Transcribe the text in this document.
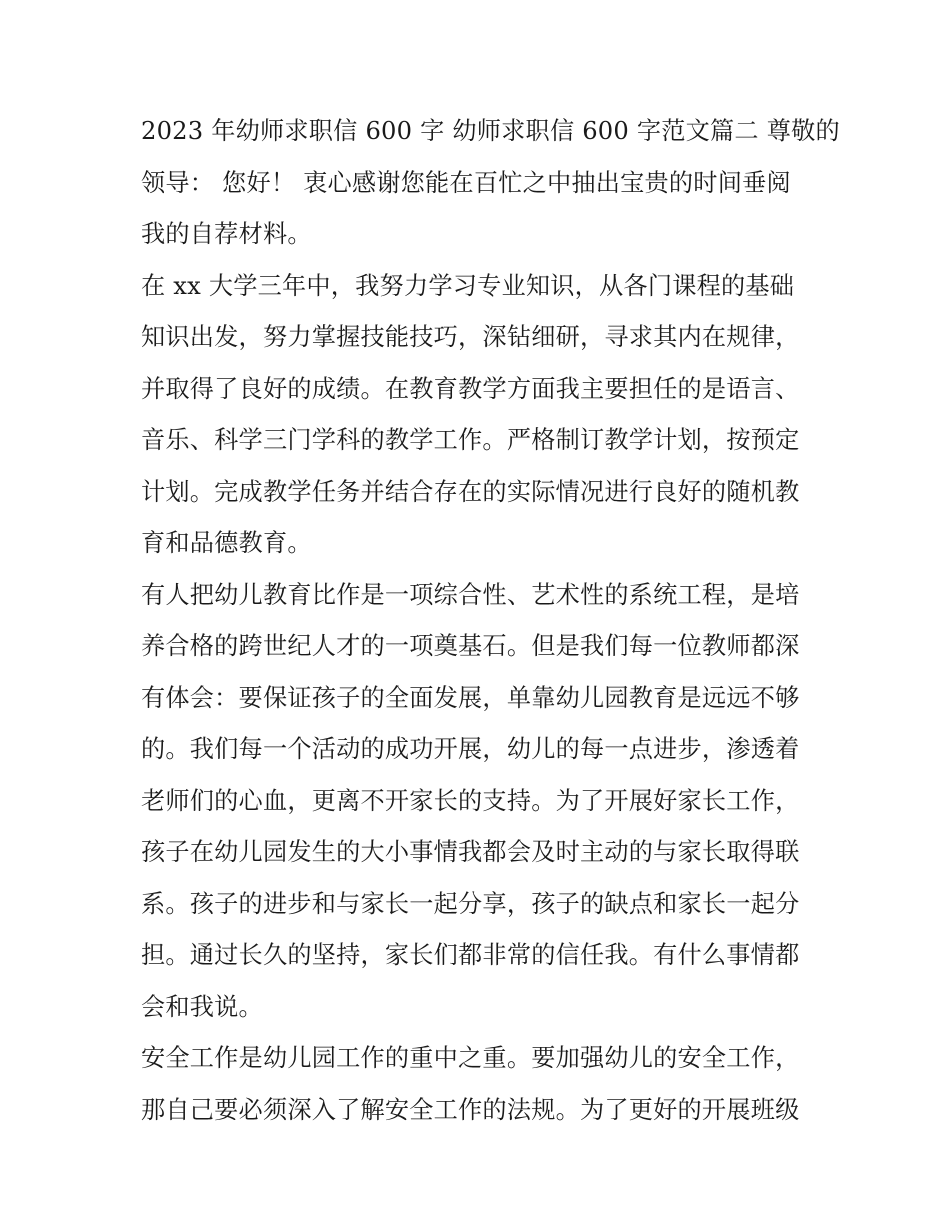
2023 年幼师求职信 600 字 幼师求职信 600 字范文篇二 尊敬的
领导： 您好！ 衷心感谢您能在百忙之中抽出宝贵的时间垂阅
我的自荐材料。

在 xx 大学三年中，我努力学习专业知识，从各门课程的基础
知识出发，努力掌握技能技巧，深钻细研，寻求其内在规律，
并取得了良好的成绩。在教育教学方面我主要担任的是语言、
音乐、科学三门学科的教学工作。严格制订教学计划，按预定
计划。完成教学任务并结合存在的实际情况进行良好的随机教
育和品德教育。

有人把幼儿教育比作是一项综合性、艺术性的系统工程，是培
养合格的跨世纪人才的一项奠基石。但是我们每一位教师都深
有体会：要保证孩子的全面发展，单靠幼儿园教育是远远不够
的。我们每一个活动的成功开展，幼儿的每一点进步，渗透着
老师们的心血，更离不开家长的支持。为了开展好家长工作，
孩子在幼儿园发生的大小事情我都会及时主动的与家长取得联
系。孩子的进步和与家长一起分享，孩子的缺点和家长一起分
担。通过长久的坚持，家长们都非常的信任我。有什么事情都
会和我说。

安全工作是幼儿园工作的重中之重。要加强幼儿的安全工作，
那自己要必须深入了解安全工作的法规。为了更好的开展班级
